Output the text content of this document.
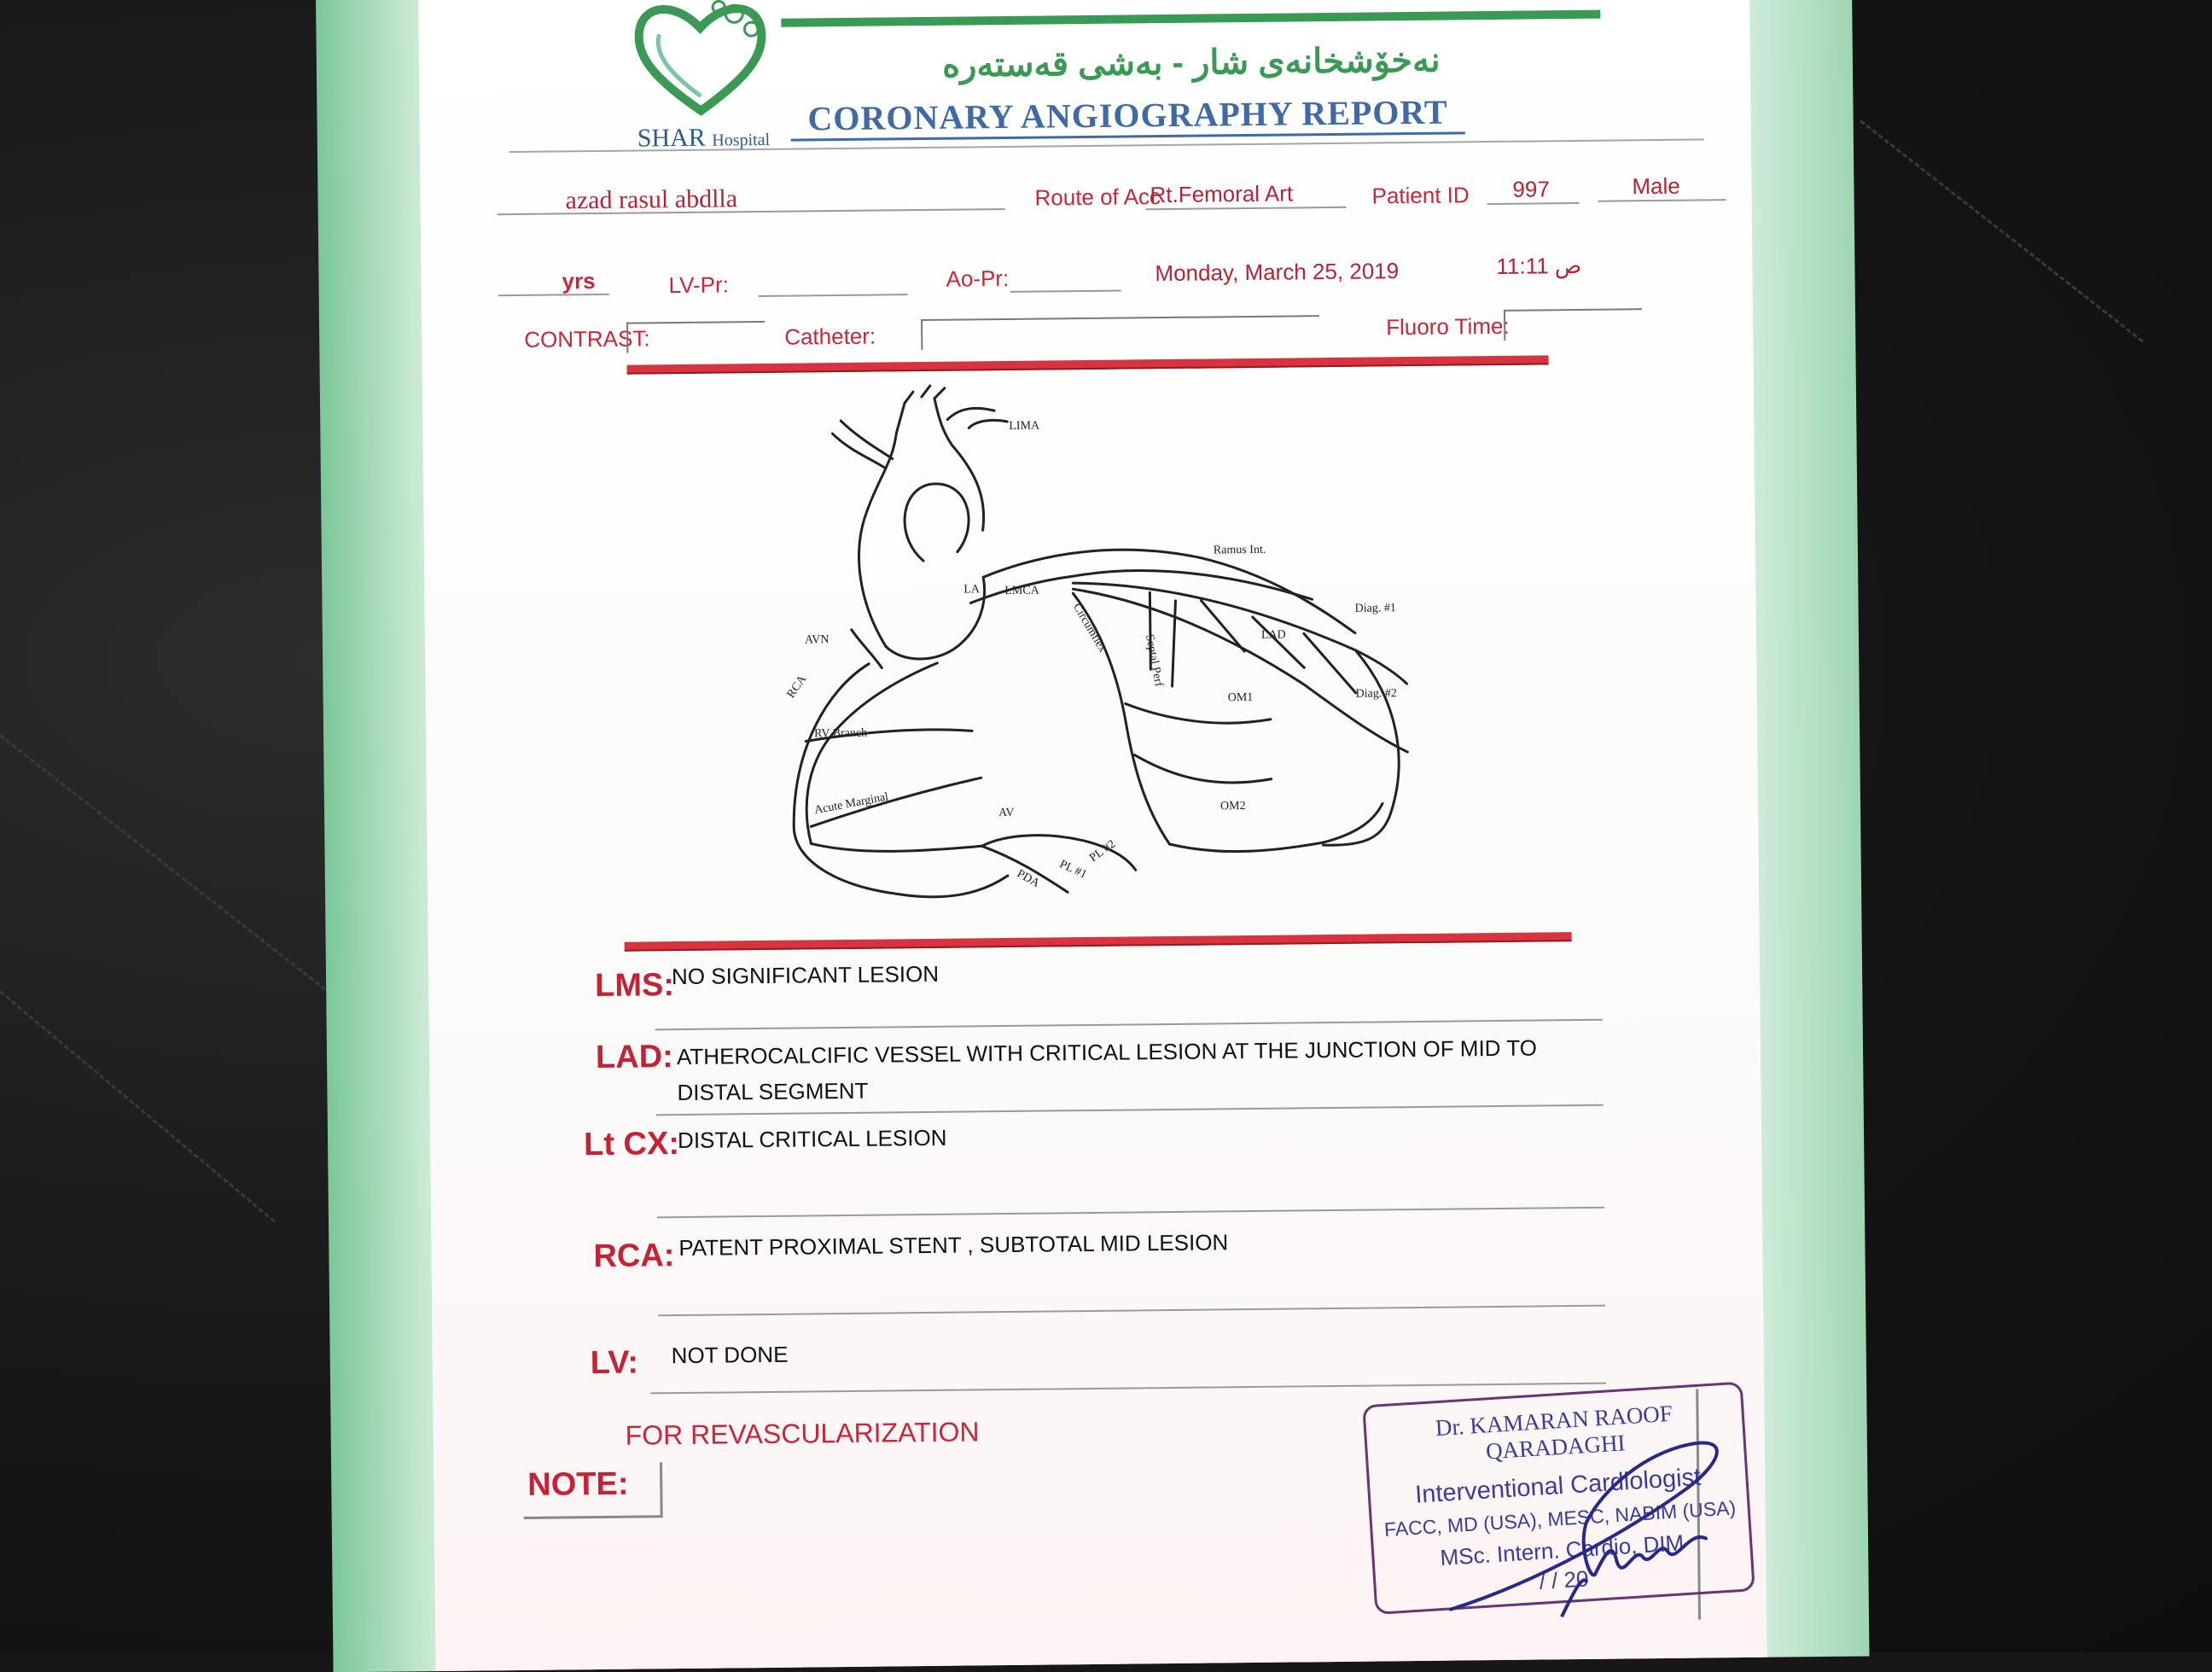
SHAR Hospital
نەخۆشخانەی شار - بەشی قەستەرە
CORONARY ANGIOGRAPHY REPORT
azad rasul abdlla	Route of Acc
Rt.Femoral Art	Patient ID 997	Male
yrs	LV-Pr:	Ao-Pr:	Monday, March 25, 2019	ص 11:11
CONTRAST:	Catheter:	Fluoro Time:
LIMA
Ramus Int.
LA LMCA
Circumflex	Diag. #1
LAD
Septal Perf
AVN
RCA	OM1	Diag. #2
RV Branch
OM2
Acute Marginal	AV
PL #2
PL #1
PDA
LMS:
NO SIGNIFICANT LESION
LAD: ATHEROCALCIFIC VESSEL WITH CRITICAL LESION AT THE JUNCTION OF MID TO DISTAL SEGMENT
Lt CX:
DISTAL CRITICAL LESION
RCA: PATENT PROXIMAL STENT , SUBTOTAL MID LESION
LV: NOT DONE
NOTE:
FOR REVASCULARIZATION	Dr. KAMARAN RAOOF QARADAGHI
Interventional Cardiologist
FACC, MD (USA), MESC, NABIM (USA)
MSc. Intern. Cardio, DIM
/ / 20
